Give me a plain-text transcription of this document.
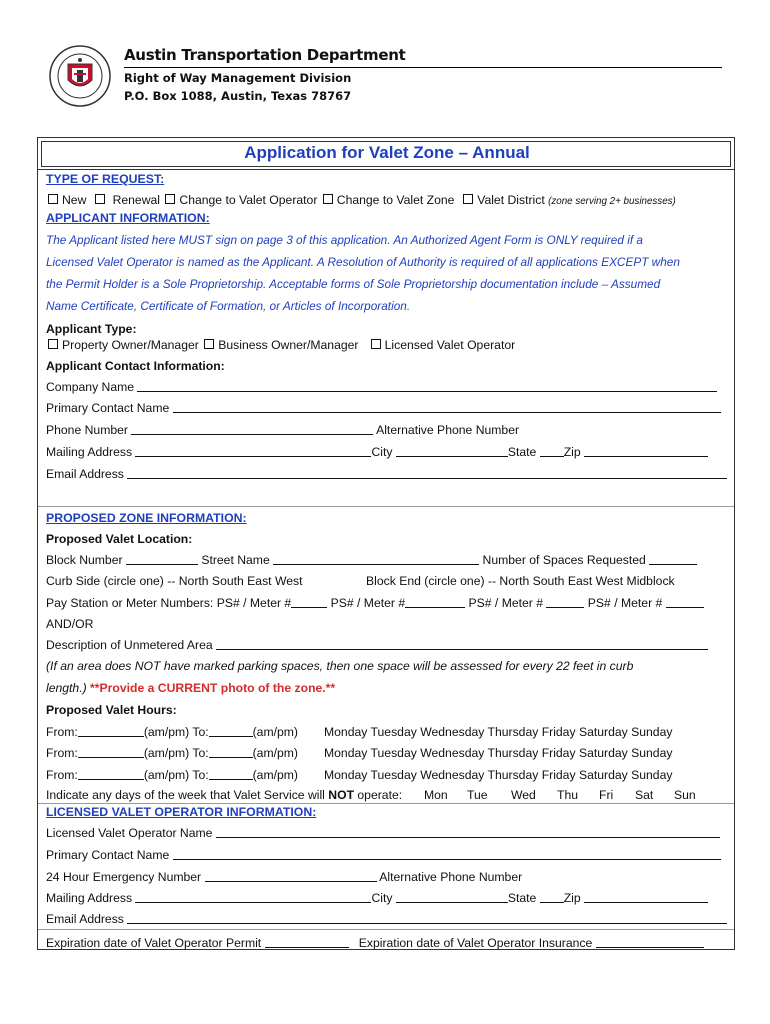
Austin Transportation Department
Right of Way Management Division
P.O. Box 1088, Austin, Texas 78767
Application for Valet Zone – Annual
TYPE OF REQUEST:
New Renewal Change to Valet Operator Change to Valet Zone Valet District (zone serving 2+ businesses)
APPLICANT INFORMATION:
The Applicant listed here MUST sign on page 3 of this application. An Authorized Agent Form is ONLY required if a
Licensed Valet Operator is named as the Applicant. A Resolution of Authority is required of all applications EXCEPT when
the Permit Holder is a Sole Proprietorship. Acceptable forms of Sole Proprietorship documentation include – Assumed
Name Certificate, Certificate of Formation, or Articles of Incorporation.
Applicant Type:
Property Owner/Manager Business Owner/Manager Licensed Valet Operator
Applicant Contact Information:
Company Name
Primary Contact Name
Phone Number	Alternative Phone Number
Mailing Address	City	State Zip
Email Address
PROPOSED ZONE INFORMATION:
Proposed Valet Location:
Block Number	Street Name	Number of Spaces Requested
Curb Side (circle one) -- North South East West	Block End (circle one) -- North South East West Midblock
Pay Station or Meter Numbers: PS# / Meter #	PS# / Meter #	PS# / Meter #	PS# / Meter #
AND/OR
Description of Unmetered Area
(If an area does NOT have marked parking spaces, then one space will be assessed for every 22 feet in curb
length.) **Provide a CURRENT photo of the zone.**
Proposed Valet Hours:
From:	(am/pm) To:	(am/pm) Monday Tuesday Wednesday Thursday Friday Saturday Sunday
From:	(am/pm) To:	(am/pm) Monday Tuesday Wednesday Thursday Friday Saturday Sunday
From:	(am/pm) To:	(am/pm) Monday Tuesday Wednesday Thursday Friday Saturday Sunday
Indicate any days of the week that Valet Service will NOT operate: Mon Tue Wed Thu Fri Sat Sun
LICENSED VALET OPERATOR INFORMATION:
Licensed Valet Operator Name
Primary Contact Name
24 Hour Emergency Number	Alternative Phone Number
Mailing Address	City	State Zip
Email Address
Expiration date of Valet Operator Permit	Expiration date of Valet Operator Insurance
